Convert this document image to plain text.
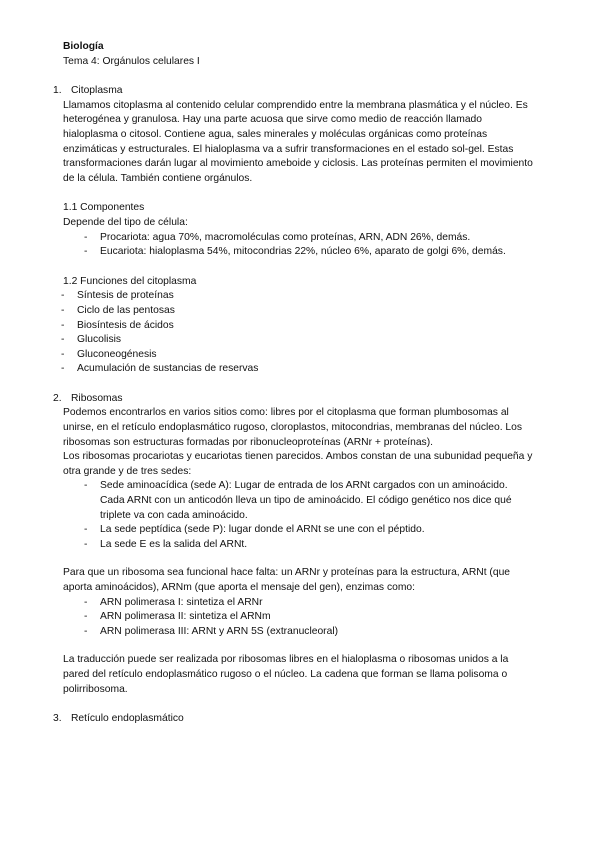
Biología
Tema 4: Orgánulos celulares I
1. Citoplasma

Llamamos citoplasma al contenido celular comprendido entre la membrana plasmática y el núcleo. Es heterogénea y granulosa. Hay una parte acuosa que sirve como medio de reacción llamado hialoplasma o citosol. Contiene agua, sales minerales y moléculas orgánicas como proteínas enzimáticas y estructurales. El hialoplasma va a sufrir transformaciones en el estado sol-gel. Estas transformaciones darán lugar al movimiento ameboide y ciclosis. Las proteínas permiten el movimiento de la célula. También contiene orgánulos.

1.1 Componentes

Depende del tipo de célula:

- Procariota: agua 70%, macromoléculas como proteínas, ARN, ADN 26%, demás.
- Eucariota: hialoplasma 54%, mitocondrias 22%, núcleo 6%, aparato de golgi 6%, demás.

1.2 Funciones del citoplasma

- Síntesis de proteínas
- Ciclo de las pentosas
- Biosíntesis de ácidos
- Glucolisis
- Gluconeogénesis
- Acumulación de sustancias de reservas
2. Ribosomas

Podemos encontrarlos en varios sitios como: libres por el citoplasma que forman plumbosomas al unirse, en el retículo endoplasmático rugoso, cloroplastos, mitocondrias, membranas del núcleo. Los ribosomas son estructuras formadas por ribonucleoproteínas (ARNr + proteínas).

Los ribosomas procariotas y eucariotas tienen parecidos. Ambos constan de una subunidad pequeña y otra grande y de tres sedes:

- Sede aminoacídica (sede A): Lugar de entrada de los ARNt cargados con un aminoácido. Cada ARNt con un anticodón lleva un tipo de aminoácido. El código genético nos dice qué triplete va con cada aminoácido.
- La sede peptídica (sede P): lugar donde el ARNt se une con el péptido.
- La sede E es la salida del ARNt.

Para que un ribosoma sea funcional hace falta: un ARNr y proteínas para la estructura, ARNt (que aporta aminoácidos), ARNm (que aporta el mensaje del gen), enzimas como:

- ARN polimerasa I: sintetiza el ARNr
- ARN polimerasa II: sintetiza el ARNm
- ARN polimerasa III: ARNt y ARN 5S (extranucleoral)

La traducción puede ser realizada por ribosomas libres en el hialoplasma o ribosomas unidos a la pared del retículo endoplasmático rugoso o el núcleo. La cadena que forman se llama polisoma o polirribosoma.

3. Retículo endoplasmático
